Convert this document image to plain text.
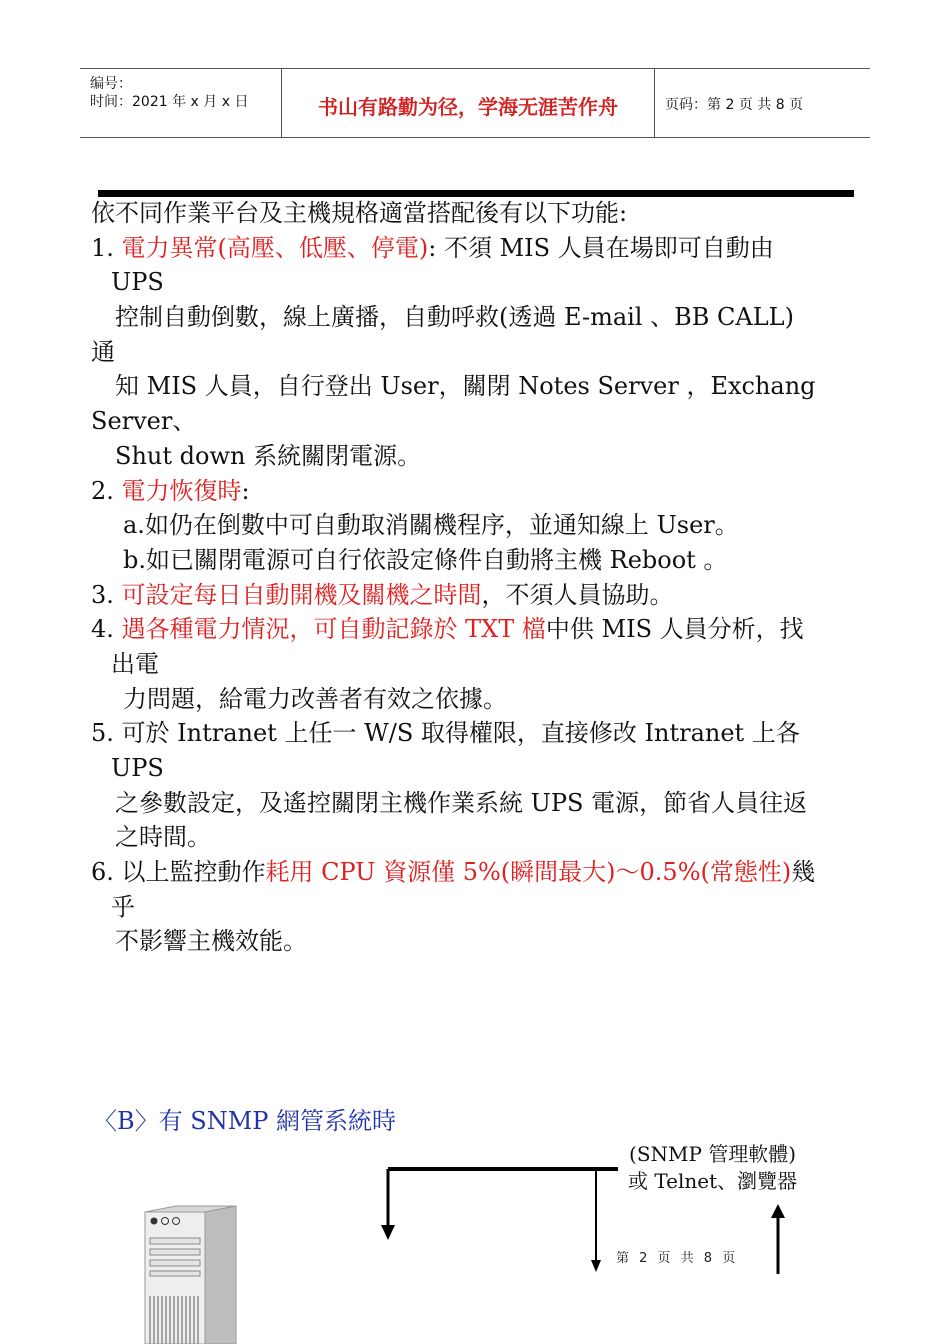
编号：
时间：2021 年 x 月 x 日	书山有路勤为径，学海无涯苦作舟	页码：第 2 页 共 8 页
依不同作業平台及主機規格適當搭配後有以下功能:
1. 電力異常(高壓、低壓、停電): 不須 MIS 人員在場即可自動由
UPS
控制自動倒數，線上廣播，自動呼救(透過 E-mail 、BB CALL)
通
知 MIS 人員，自行登出 User，關閉 Notes Server ，Exchang
Server、
Shut down 系統關閉電源。
2. 電力恢復時:
a.如仍在倒數中可自動取消關機程序，並通知線上 User。
b.如已關閉電源可自行依設定條件自動將主機 Reboot 。
3. 可設定每日自動開機及關機之時間，不須人員協助。
4. 遇各種電力情況，可自動記錄於 TXT 檔中供 MIS 人員分析，找
出電
力問題，給電力改善者有效之依據。
5. 可於 Intranet 上任一 W/S 取得權限，直接修改 Intranet 上各
UPS
之參數設定，及遙控關閉主機作業系統 UPS 電源，節省人員往返
之時間。
6. 以上監控動作耗用 CPU 資源僅 5%(瞬間最大)～0.5%(常態性)幾
乎
不影響主機效能。
〈B〉有 SNMP 網管系統時
(SNMP 管理軟體)
或 Telnet、瀏覽器
第 2 页 共 8 页
